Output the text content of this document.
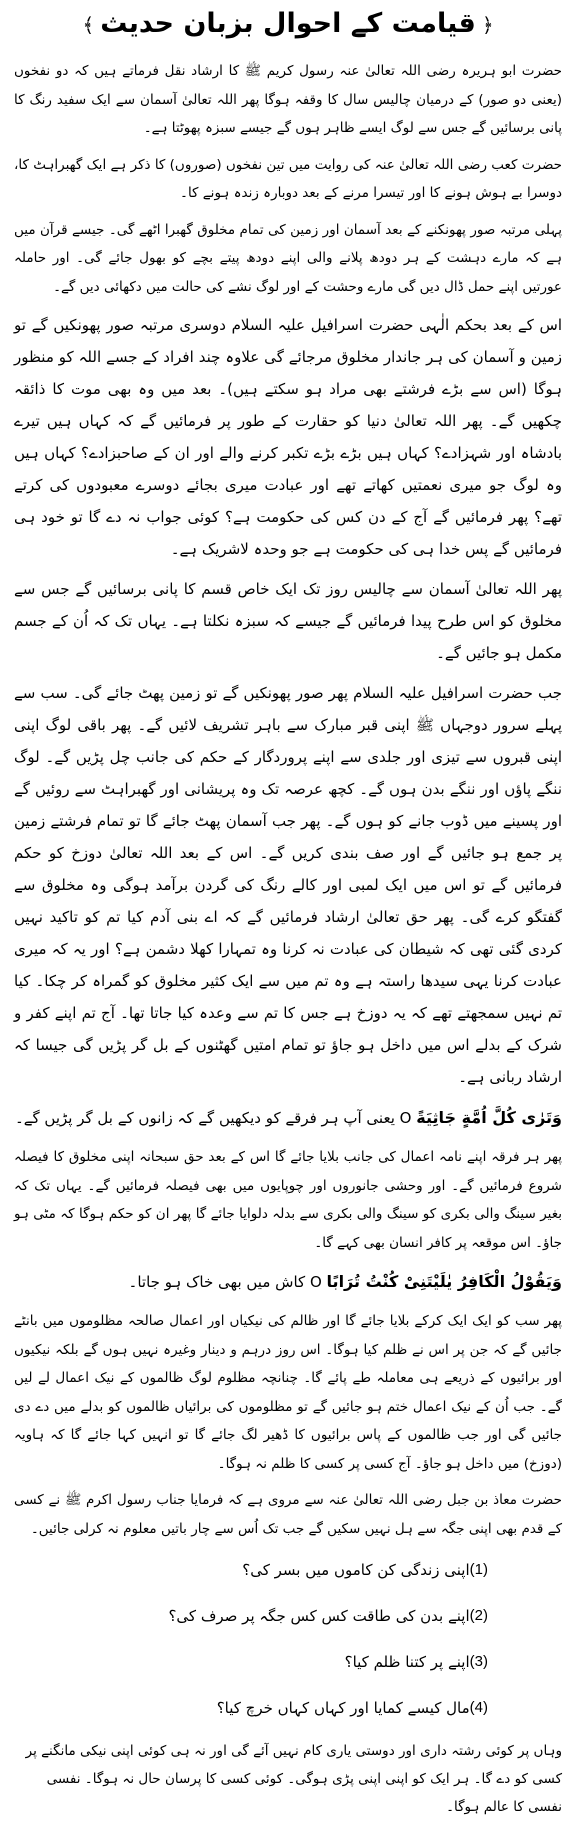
﴿قیامت کے احوال بزبان حدیث﴾

حضرت ابو ہریرہ رضی اللہ تعالیٰ عنہ رسول کریم ﷺ کا ارشاد نقل فرماتے ہیں کہ دو نفخوں (یعنی دو صور) کے درمیان چالیس سال کا وقفہ ہوگا پھر اللہ تعالیٰ آسمان سے ایک سفید رنگ کا پانی برسائیں گے جس سے لوگ ایسے ظاہر ہوں گے جیسے سبزہ پھوٹتا ہے۔

حضرت کعب رضی اللہ تعالیٰ عنہ کی روایت میں تین نفخوں (صوروں) کا ذکر ہے ایک گھبراہٹ کا، دوسرا بے ہوش ہونے کا اور تیسرا مرنے کے بعد دوبارہ زندہ ہونے کا۔

پہلی مرتبہ صور پھونکنے کے بعد آسمان اور زمین کی تمام مخلوق گھبرا اٹھے گی۔ جیسے قرآن میں ہے کہ مارے دہشت کے ہر دودھ پلانے والی اپنے دودھ پیتے بچے کو بھول جائے گی۔ اور حاملہ عورتیں اپنے حمل ڈال دیں گی مارے وحشت کے اور لوگ نشے کی حالت میں دکھائی دیں گے۔

اس کے بعد بحکم الٰہی حضرت اسرافیل علیہ السلام دوسری مرتبہ صور پھونکیں گے تو زمین و آسمان کی ہر جاندار مخلوق مرجائے گی علاوہ چند افراد کے جسے اللہ کو منظور ہوگا (اس سے بڑے فرشتے بھی مراد ہو سکتے ہیں)۔ بعد میں وہ بھی موت کا ذائقہ چکھیں گے۔ پھر اللہ تعالیٰ دنیا کو حقارت کے طور پر فرمائیں گے کہ کہاں ہیں تیرے بادشاہ اور شہزادے؟ کہاں ہیں بڑے بڑے تکبر کرنے والے اور ان کے صاحبزادے؟ کہاں ہیں وہ لوگ جو میری نعمتیں کھاتے تھے اور عبادت میری بجائے دوسرے معبودوں کی کرتے تھے؟ پھر فرمائیں گے آج کے دن کس کی حکومت ہے؟ کوئی جواب نہ دے گا تو خود ہی فرمائیں گے پس خدا ہی کی حکومت ہے جو وحدہ لاشریک ہے۔

پھر اللہ تعالیٰ آسمان سے چالیس روز تک ایک خاص قسم کا پانی برسائیں گے جس سے مخلوق کو اس طرح پیدا فرمائیں گے جیسے کہ سبزہ نکلتا ہے۔ یہاں تک کہ اُن کے جسم مکمل ہو جائیں گے۔

جب حضرت اسرافیل علیہ السلام پھر صور پھونکیں گے تو زمین پھٹ جائے گی۔ سب سے پہلے سرور دوجہاں ﷺ اپنی قبر مبارک سے باہر تشریف لائیں گے۔ پھر باقی لوگ اپنی اپنی قبروں سے تیزی اور جلدی سے اپنے پروردگار کے حکم کی جانب چل پڑیں گے۔ لوگ ننگے پاؤں اور ننگے بدن ہوں گے۔ کچھ عرصہ تک وہ پریشانی اور گھبراہٹ سے روئیں گے اور پسینے میں ڈوب جانے کو ہوں گے۔ پھر جب آسمان پھٹ جائے گا تو تمام فرشتے زمین پر جمع ہو جائیں گے اور صف بندی کریں گے۔ اس کے بعد اللہ تعالیٰ دوزخ کو حکم فرمائیں گے تو اس میں ایک لمبی اور کالے رنگ کی گردن برآمد ہوگی وہ مخلوق سے گفتگو کرے گی۔ پھر حق تعالیٰ ارشاد فرمائیں گے کہ اے بنی آدم کیا تم کو تاکید نہیں کردی گئی تھی کہ شیطان کی عبادت نہ کرنا وہ تمہارا کھلا دشمن ہے؟ اور یہ کہ میری عبادت کرنا یہی سیدھا راستہ ہے وہ تم میں سے ایک کثیر مخلوق کو گمراہ کر چکا۔ کیا تم نہیں سمجھتے تھے کہ یہ دوزخ ہے جس کا تم سے وعدہ کیا جاتا تھا۔ آج تم اپنے کفر و شرک کے بدلے اس میں داخل ہو جاؤ تو تمام امتیں گھٹنوں کے بل گر پڑیں گی جیسا کہ ارشاد ربانی ہے۔

وَتَرٰی کُلَّ اُمَّةٍ جَاثِیَةً O یعنی آپ ہر فرقے کو دیکھیں گے کہ زانوں کے بل گر پڑیں گے۔

پھر ہر فرقہ اپنے نامہ اعمال کی جانب بلایا جائے گا اس کے بعد حق سبحانہ اپنی مخلوق کا فیصلہ شروع فرمائیں گے۔ اور وحشی جانوروں اور چوپایوں میں بھی فیصلہ فرمائیں گے۔ یہاں تک کہ بغیر سینگ والی بکری کو سینگ والی بکری سے بدلہ دلوایا جائے گا پھر ان کو حکم ہوگا کہ مٹی ہو جاؤ۔ اس موقعہ پر کافر انسان بھی کہے گا۔

وَیَقُوْلُ الْکَافِرُ یٰلَیْتَنِیْ کُنْتُ تُرَابًا O کاش میں بھی خاک ہو جاتا۔

پھر سب کو ایک ایک کرکے بلایا جائے گا اور ظالم کی نیکیاں اور اعمال صالحہ مظلوموں میں بانٹے جائیں گے کہ جن پر اس نے ظلم کیا ہوگا۔ اس روز درہم و دینار وغیرہ نہیں ہوں گے بلکہ نیکیوں اور برائیوں کے ذریعے ہی معاملہ طے پائے گا۔ چنانچہ مظلوم لوگ ظالموں کے نیک اعمال لے لیں گے۔ جب اُن کے نیک اعمال ختم ہو جائیں گے تو مظلوموں کی برائیاں ظالموں کو بدلے میں دے دی جائیں گی اور جب ظالموں کے پاس برائیوں کا ڈھیر لگ جائے گا تو انہیں کہا جائے گا کہ ہاویہ (دوزخ) میں داخل ہو جاؤ۔ آج کسی پر کسی کا ظلم نہ ہوگا۔

حضرت معاذ بن جبل رضی اللہ تعالیٰ عنہ سے مروی ہے کہ فرمایا جناب رسول اکرم ﷺ نے کسی کے قدم بھی اپنی جگہ سے ہل نہیں سکیں گے جب تک اُس سے چار باتیں معلوم نہ کرلی جائیں۔

(1)
اپنی زندگی کن کاموں میں بسر کی؟
(2)
اپنے بدن کی طاقت کس کس جگہ پر صرف کی؟
(3)
اپنے پر کتنا ظلم کیا؟
(4)
مال کیسے کمایا اور کہاں کہاں خرچ کیا؟

وہاں پر کوئی رشتہ داری اور دوستی یاری کام نہیں آئے گی اور نہ ہی کوئی اپنی نیکی مانگنے پر کسی کو دے گا۔ ہر ایک کو اپنی اپنی پڑی ہوگی۔ کوئی کسی کا پرسان حال نہ ہوگا۔ نفسی نفسی کا عالم ہوگا۔
